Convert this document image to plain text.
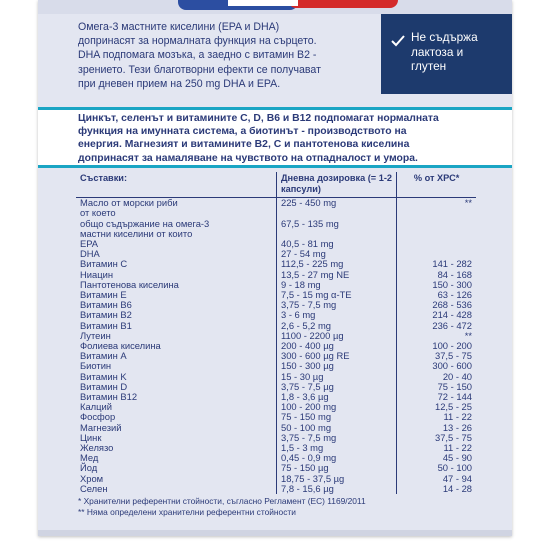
Омега-3 мастните киселини (EPA и DHA)
допринасят за нормалната функция на сърцето.
DHA подпомага мозъка, а заедно с витамин B2 -
зрението. Тези благотворни ефекти се получават
при дневен прием на 250 mg DHA и EPA.
Не съдържа
лактоза и
глутен
Цинкът, селенът и витамините C, D, B6 и B12 подпомагат нормалната
функция на имунната система, а биотинът - производството на
енергия. Магнезият и витамините B2, C и пантотенова киселина
допринасят за намаляване на чувството на отпадналост и умора.
Съставки:	Дневна дозировка (= 1-2 капсули)	% от ХРС*
Масло от морски риби	225 - 450 mg	**
от което		
общо съдържание на омега-3	67,5 - 135 mg	
мастни киселини от които		
EPA	40,5 - 81 mg	
DHA	27 - 54 mg	
Витамин C	112,5 - 225 mg	141 - 282
Ниацин	13,5 - 27 mg NE	84 - 168
Пантотенова киселина	9 - 18 mg	150 - 300
Витамин E	7,5 - 15 mg α-TE	63 - 126
Витамин B6	3,75 - 7,5 mg	268 - 536
Витамин B2	3 - 6 mg	214 - 428
Витамин B1	2,6 - 5,2 mg	236 - 472
Лутеин	1100 - 2200 µg	**
Фолиева киселина	200 - 400 µg	100 - 200
Витамин A	300 - 600 µg RE	37,5 - 75
Биотин	150 - 300 µg	300 - 600
Витамин K	15 - 30 µg	20 - 40
Витамин D	3,75 - 7,5 µg	75 - 150
Витамин B12	1,8 - 3,6 µg	72 - 144
Калций	100 - 200 mg	12,5 - 25
Фосфор	75 - 150 mg	11 - 22
Магнезий	50 - 100 mg	13 - 26
Цинк	3,75 - 7,5 mg	37,5 - 75
Желязо	1,5 - 3 mg	11 - 22
Мед	0,45 - 0,9 mg	45 - 90
Йод	75 - 150 µg	50 - 100
Хром	18,75 - 37,5 µg	47 - 94
Селен	7,8 - 15,6 µg	14 - 28
* Хранителни референтни стойности, съгласно Регламент (ЕС) 1169/2011
** Няма определени хранителни референтни стойности
